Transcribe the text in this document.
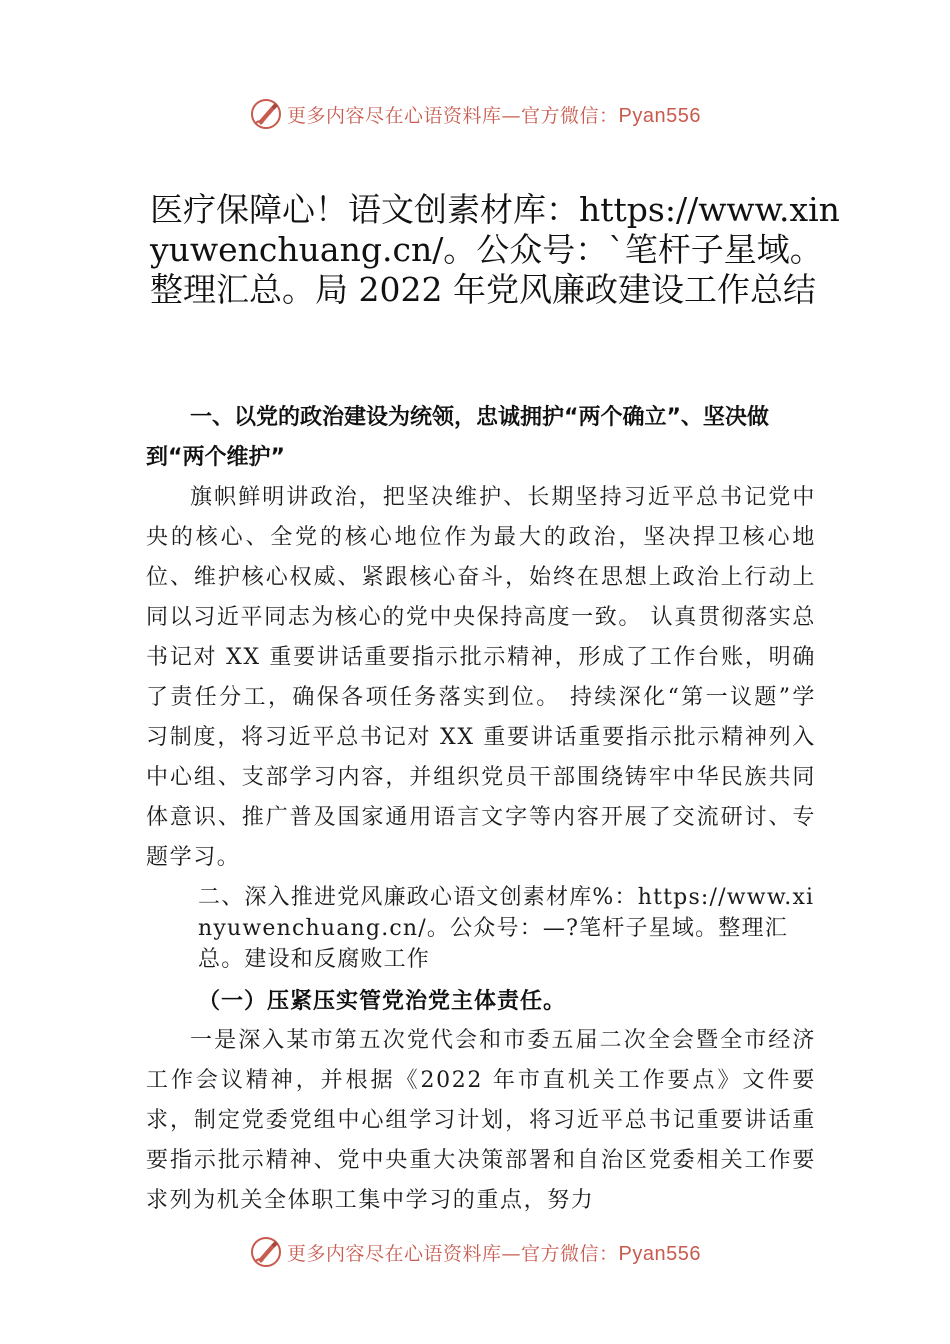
更多内容尽在心语资料库—官方微信：Pyan556
医疗保障心！语文创素材库：https://www.xinyuwenchuang.cn/。公众号：`笔杆子星域。整理汇总。局 2022 年党风廉政建设工作总结

一、以党的政治建设为统领，忠诚拥护“两个确立”、坚决做到“两个维护”

旗帜鲜明讲政治，把坚决维护、长期坚持习近平总书记党中央的核心、全党的核心地位作为最大的政治，坚决捍卫核心地位、维护核心权威、紧跟核心奋斗，始终在思想上政治上行动上同以习近平同志为核心的党中央保持高度一致。 认真贯彻落实总书记对 XX 重要讲话重要指示批示精神，形成了工作台账，明确了责任分工，确保各项任务落实到位。 持续深化“第一议题”学习制度，将习近平总书记对 XX 重要讲话重要指示批示精神列入中心组、支部学习内容，并组织党员干部围绕铸牢中华民族共同体意识、推广普及国家通用语言文字等内容开展了交流研讨、专题学习。

二、深入推进党风廉政心语文创素材库%：https://www.xinyuwenchuang.cn/。公众号：—?笔杆子星域。整理汇总。建设和反腐败工作

（一）压紧压实管党治党主体责任。

一是深入某市第五次党代会和市委五届二次全会暨全市经济工作会议精神，并根据《2022 年市直机关工作要点》文件要求，制定党委党组中心组学习计划，将习近平总书记重要讲话重要指示批示精神、党中央重大决策部署和自治区党委相关工作要求列为机关全体职工集中学习的重点，努力

更多内容尽在心语资料库—官方微信：Pyan556
